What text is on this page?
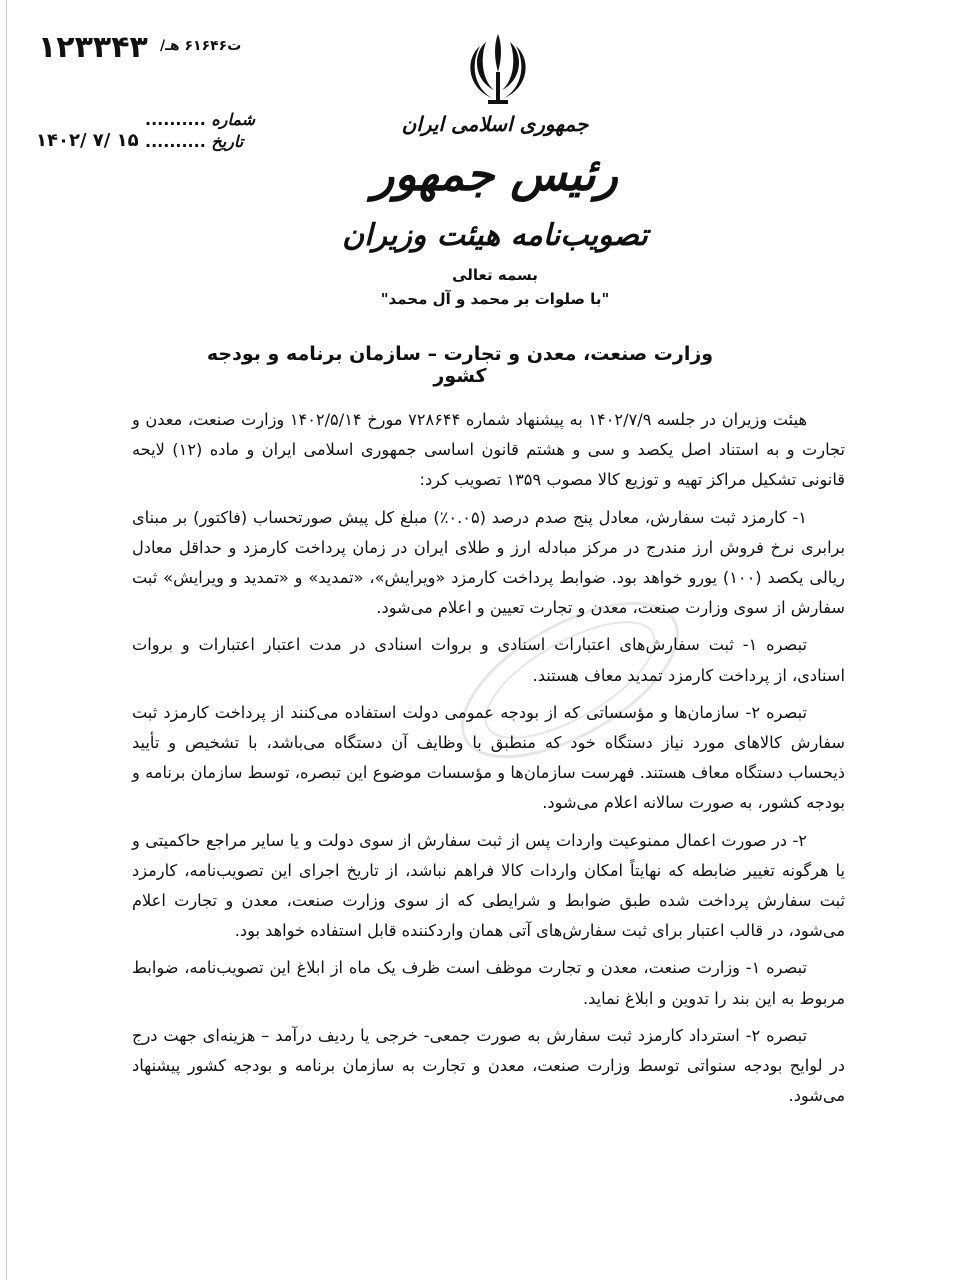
۱۲۳۳۴۳ /ت۶۱۶۴۶ هـ
.......... شماره
۱۴۰۲/ ۷/ ۱۵ .......... تاریخ
جمهوری اسلامی ایران
رئیس جمهور
تصویب‌نامه هیئت وزیران
بسمه تعالی
"با صلوات بر محمد و آل محمد"
وزارت صنعت، معدن و تجارت – سازمان برنامه و بودجه کشور

هیئت وزیران در جلسه ۱۴۰۲/۷/۹ به پیشنهاد شماره ۷۲۸۶۴۴ مورخ ۱۴۰۲/۵/۱۴ وزارت صنعت، معدن و تجارت و به استناد اصل یکصد و سی و هشتم قانون اساسی جمهوری اسلامی ایران و ماده (۱۲) لایحه قانونی تشکیل مراکز تهیه و توزیع کالا مصوب ۱۳۵۹ تصویب کرد:

۱- کارمزد ثبت سفارش، معادل پنج صدم درصد (۰.۰۵٪) مبلغ کل پیش صورتحساب (فاکتور) بر مبنای برابری نرخ فروش ارز مندرج در مرکز مبادله ارز و طلای ایران در زمان پرداخت کارمزد و حداقل معادل ریالی یکصد (۱۰۰) یورو خواهد بود. ضوابط پرداخت کارمزد «ویرایش»، «تمدید» و «تمدید و ویرایش» ثبت سفارش از سوی وزارت صنعت، معدن و تجارت تعیین و اعلام می‌شود.

تبصره ۱- ثبت سفارش‌های اعتبارات اسنادی و بروات اسنادی در مدت اعتبار اعتبارات و بروات اسنادی، از پرداخت کارمزد تمدید معاف هستند.

تبصره ۲- سازمان‌ها و مؤسساتی که از بودجه عمومی دولت استفاده می‌کنند از پرداخت کارمزد ثبت سفارش کالاهای مورد نیاز دستگاه خود که منطبق با وظایف آن دستگاه می‌باشد، با تشخیص و تأیید ذیحساب دستگاه معاف هستند. فهرست سازمان‌ها و مؤسسات موضوع این تبصره، توسط سازمان برنامه و بودجه کشور، به صورت سالانه اعلام می‌شود.

۲- در صورت اعمال ممنوعیت واردات پس از ثبت سفارش از سوی دولت و یا سایر مراجع حاکمیتی و یا هرگونه تغییر ضابطه که نهایتاً امکان واردات کالا فراهم نباشد، از تاریخ اجرای این تصویب‌نامه، کارمزد ثبت سفارش پرداخت شده طبق ضوابط و شرایطی که از سوی وزارت صنعت، معدن و تجارت اعلام می‌شود، در قالب اعتبار برای ثبت سفارش‌های آتی همان واردکننده قابل استفاده خواهد بود.

تبصره ۱- وزارت صنعت، معدن و تجارت موظف است ظرف یک ماه از ابلاغ این تصویب‌نامه، ضوابط مربوط به این بند را تدوین و ابلاغ نماید.

تبصره ۲- استرداد کارمزد ثبت سفارش به صورت جمعی- خرجی یا ردیف درآمد – هزینه‌ای جهت درج در لوایح بودجه سنواتی توسط وزارت صنعت، معدن و تجارت به سازمان برنامه و بودجه کشور پیشنهاد می‌شود.
